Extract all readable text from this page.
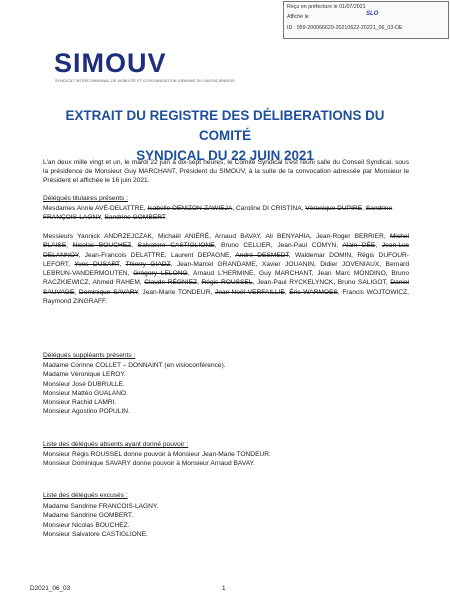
Reçu en préfecture le 01/07/2021
Affiché le	SLO
ID : 059-200066629-20210622-20221_06_03-DE
SIMOUV
SYNDICAT INTERCOMMUNAL DE MOBILITÉ ET D'ORGANISATION URBAINE DU VALENCIENNOIS
EXTRAIT DU REGISTRE DES DÉLIBERATIONS DU COMITÉ
SYNDICAL DU 22 JUIN 2021
L'an deux mille vingt et un, le mardi 22 juin à dix-sept heures, le Comité Syndical s'est réuni salle du Conseil Syndical, sous la présidence de Monsieur Guy MARCHANT, Président du SIMOUV, à la suite de la convocation adressée par Monsieur le Président et affichée le 16 juin 2021.
Délégués titulaires présents :
Mesdames Annie AVÉ-DELATTRE, Isabelle DENIZON-ZAWIEJA, Caroline DI CRISTINA, Véronique DUPIRE, Sandrine FRANÇOIS-LAGNY, Sandrine GOMBERT.
Messieurs Yannick ANDRZEJCZAK, Michaël ANIÉRÉ, Arnaud BAVAY, Ali BENYAHIA, Jean-Roger BERRIER, Michel BLAISE, Nicolas BOUCHEZ, Salvatore CASTIGLIONE, Bruno CELLIER, Jean-Paul COMYN, Alain DÉE, Jean-Luc DELANNOY, Jean-Francois DELATTRE, Laurent DEPAGNE, André DESMEDT, Waldemar DOMIN, Régis DUFOUR-LEFORT, Yves DUSART, Thierry GIADZ, Jean-Marcel GRANDAME, Xavier JOUANIN, Didier JOVENIAUX, Bernard LEBRUN-VANDERMOUTEN, Grégory LELONG, Arnaud L'HERMINE, Guy MARCHANT, Jean Marc MONDINO, Bruno RACZKIEWICZ, Ahmed RAHEM, Claude RÉGNIEZ, Régis ROUSSEL, Jean-Paul RYCKELYNCK, Bruno SALIGOT, Daniel SAUVAGE, Dominique SAVARY, Jean-Marie TONDEUR, Jean-Noël VERFAILLIE, Éric WARMOES, Francis WOJTOWICZ, Raymond ZINGRAFF.
Délégués suppléants présents :
Madame Corinne COLLET – DONNAINT (en visioconférence).
Madame Véronique LEROY.
Monsieur José DUBRULLE.
Monsieur Mattéo GUALANO.
Monsieur Rachid LAMRI.
Monsieur Agostino POPULIN.
Liste des délégués absents ayant donné pouvoir :
Monsieur Régis ROUSSEL donne pouvoir à Monsieur Jean-Marie TONDEUR.
Monsieur Dominique SAVARY donne pouvoir à Monsieur Arnaud BAVAY.
Liste des délégués excusés :
Madame Sandrine FRANCOIS-LAGNY.
Madame Sandrine GOMBERT.
Monsieur Nicolas BOUCHEZ.
Monsieur Salvatore CASTIGLIONE.
D2021_06_03	1
